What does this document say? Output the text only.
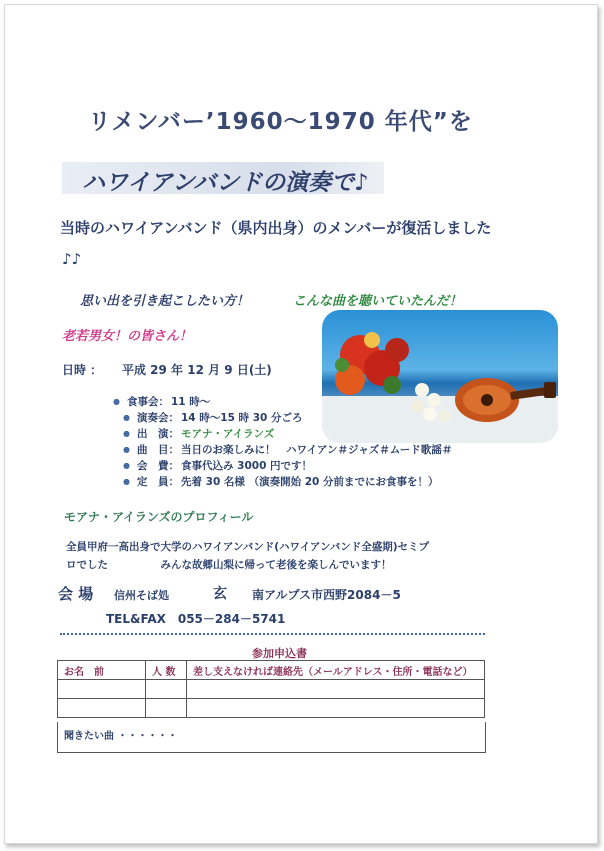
リメンバー’1960～1970 年代”を
ハワイアンバンドの演奏で♪
当時のハワイアンバンド（県内出身）のメンバーが復活しました
♪♪
思い出を引き起こしたい方！	こんな曲を聴いていたんだ！
老若男女！の皆さん！
日時 ： 平成 29 年 12 月 9 日(土)
● 食事会： 11 時～
● 演奏会： 14 時～15 時 30 分ごろ
● 出　演： モアナ・アイランズ
● 曲　目： 当日のお楽しみに！　ハワイアン＃ジャズ＃ムード歌謡＃
● 会　費： 食事代込み 3000 円です！
● 定　員： 先着 30 名様 （演奏開始 20 分前までにお食事を！）
モアナ・アイランズのプロフィール
全員甲府一高出身で大学のハワイアンバンド(ハワイアンバンド全盛期)セミプ
ロでした　　　　　みんな故郷山梨に帰って老後を楽しんでいます！
会 場 信州そば処	玄 南アルプス市西野2084－5
TEL&FAX　055－284－5741
参加申込書
お名　前	人 数	差し支えなければ連絡先（メールアドレス・住所・電話など）

聞きたい曲 ・・・・・・
